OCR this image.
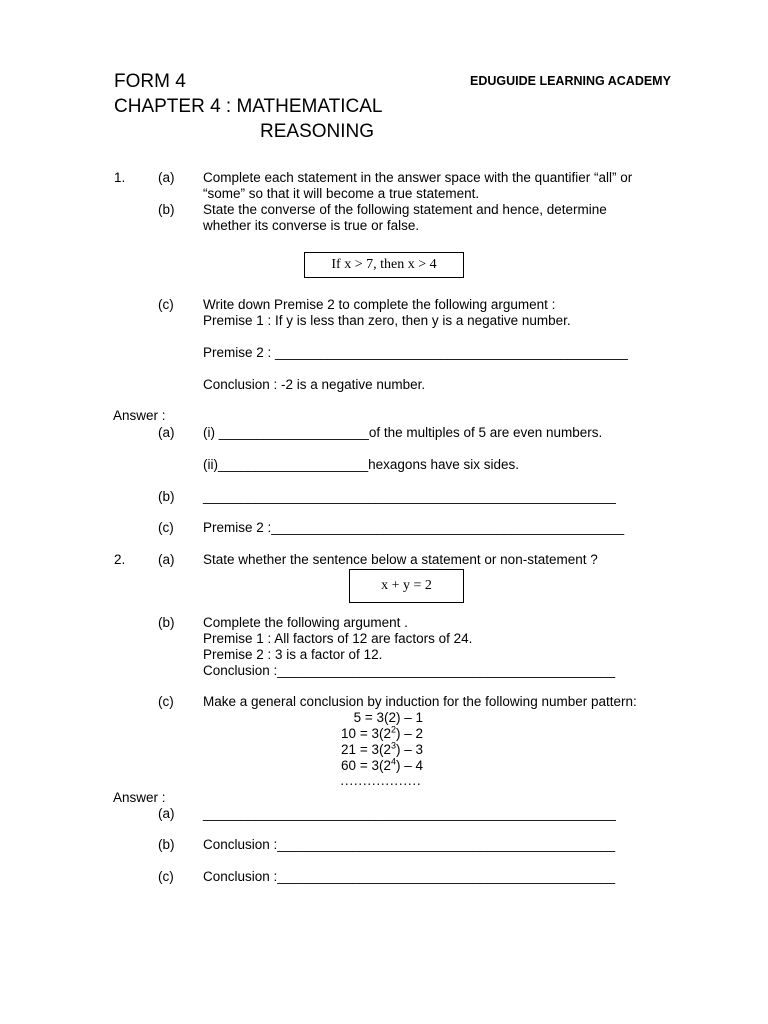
FORM 4
CHAPTER 4 : MATHEMATICAL
REASONING
EDUGUIDE LEARNING ACADEMY
1. (a) Complete each statement in the answer space with the quantifier “all” or
“some” so that it will become a true statement.
(b) State the converse of the following statement and hence, determine
whether its converse is true or false.
If x > 7, then x > 4
(c) Write down Premise 2 to complete the following argument :
Premise 1 : If y is less than zero, then y is a negative number.
Premise 2 : _______________________________________________
Conclusion : -2 is a negative number.
Answer :
(a) (i) ____________________of the multiples of 5 are even numbers.
(ii)____________________hexagons have six sides.
(b) _______________________________________________________
(c) Premise 2 :_______________________________________________
2. (a) State whether the sentence below a statement or non-statement ?
x + y = 2
(b) Complete the following argument .
Premise 1 : All factors of 12 are factors of 24.
Premise 2 : 3 is a factor of 12.
Conclusion :_____________________________________________
(c) Make a general conclusion by induction for the following number pattern:
5 = 3(2) – 1
$10 = 3(2^2) - 2$
$21 = 3(2^3) - 3$
$60 = 3(2^4) - 4$
………………
Answer :
(a) _______________________________________________________
(b) Conclusion :_____________________________________________
(c) Conclusion :_____________________________________________
